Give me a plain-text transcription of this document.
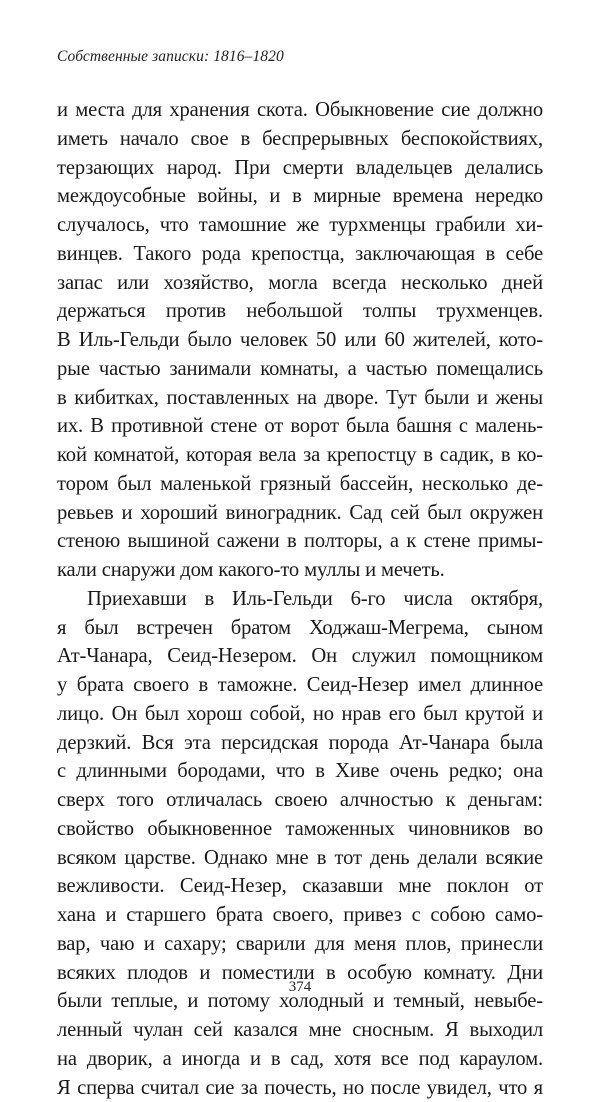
Собственные записки: 1816–1820
и места для хранения скота. Обыкновение сие должно
иметь начало свое в беспрерывных беспокойствиях,
терзающих народ. При смерти владельцев делались
междоусобные войны, и в мирные времена нередко
случалось, что тамошние же турхменцы грабили хи-
винцев. Такого рода крепостца, заключающая в себе
запас или хозяйство, могла всегда несколько дней
держаться против небольшой толпы трухменцев.
В Иль-Гельди было человек 50 или 60 жителей, кото-
рые частью занимали комнаты, а частью помещались
в кибитках, поставленных на дворе. Тут были и жены
их. В противной стене от ворот была башня с малень-
кой комнатой, которая вела за крепостцу в садик, в ко-
тором был маленькой грязный бассейн, несколько де-
ревьев и хороший виноградник. Сад сей был окружен
стеною вышиной сажени в полторы, а к стене примы-
кали снаружи дом какого-то муллы и мечеть.
Приехавши в Иль-Гельди 6-го числа октября,
я был встречен братом Ходжаш-Мегрема, сыном
Ат-Чанара, Сеид-Незером. Он служил помощником
у брата своего в таможне. Сеид-Незер имел длинное
лицо. Он был хорош собой, но нрав его был крутой и
дерзкий. Вся эта персидская порода Ат-Чанара была
с длинными бородами, что в Хиве очень редко; она
сверх того отличалась своею алчностью к деньгам:
свойство обыкновенное таможенных чиновников во
всяком царстве. Однако мне в тот день делали всякие
вежливости. Сеид-Незер, сказавши мне поклон от
хана и старшего брата своего, привез с собою само-
вар, чаю и сахару; сварили для меня плов, принесли
всяких плодов и поместили в особую комнату. Дни
были теплые, и потому холодный и темный, невыбе-
ленный чулан сей казался мне сносным. Я выходил
на дворик, а иногда и в сад, хотя все под караулом.
Я сперва считал сие за почесть, но после увидел, что я
374
